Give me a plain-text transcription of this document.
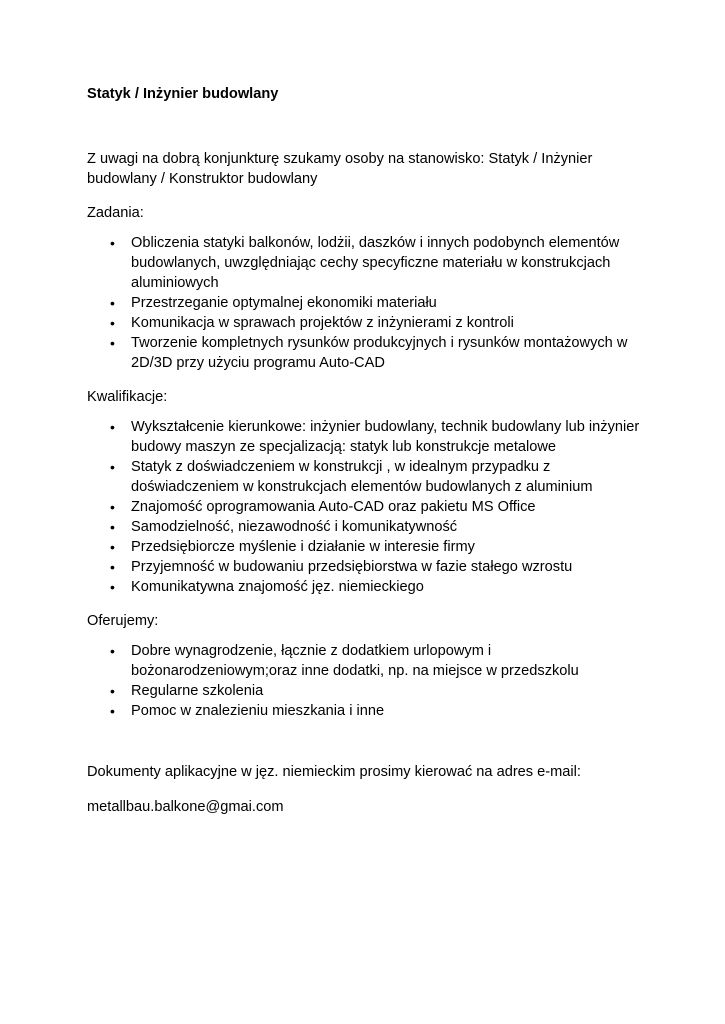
Statyk / Inżynier budowlany

Z uwagi na dobrą konjunkturę szukamy osoby na stanowisko: Statyk / Inżynier budowlany / Konstruktor budowlany

Zadania:

• Obliczenia statyki balkonów, lodżii, daszków i innych podobynch elementów budowlanych, uwzględniając cechy specyficzne materiału w konstrukcjach aluminiowych
• Przestrzeganie optymalnej ekonomiki materiału
• Komunikacja w sprawach projektów z inżynierami z kontroli
• Tworzenie kompletnych rysunków produkcyjnych i rysunków montażowych w 2D/3D przy użyciu programu Auto-CAD

Kwalifikacje:

• Wykształcenie kierunkowe: inżynier budowlany, technik budowlany lub inżynier budowy maszyn ze specjalizacją: statyk lub konstrukcje metalowe
• Statyk z doświadczeniem w konstrukcji , w idealnym przypadku z doświadczeniem w konstrukcjach elementów budowlanych z aluminium
• Znajomość oprogramowania Auto-CAD oraz pakietu MS Office
• Samodzielność, niezawodność i komunikatywność
• Przedsiębiorcze myślenie i działanie w interesie firmy
• Przyjemność w budowaniu przedsiębiorstwa w fazie stałego wzrostu
• Komunikatywna znajomość jęz. niemieckiego

Oferujemy:

• Dobre wynagrodzenie, łącznie z dodatkiem urlopowym i bożonarodzeniowym;oraz inne dodatki, np. na miejsce w przedszkolu
• Regularne szkolenia
• Pomoc w znalezieniu mieszkania i inne

Dokumenty aplikacyjne w jęz. niemieckim prosimy kierować na adres e-mail:

metallbau.balkone@gmai.com
